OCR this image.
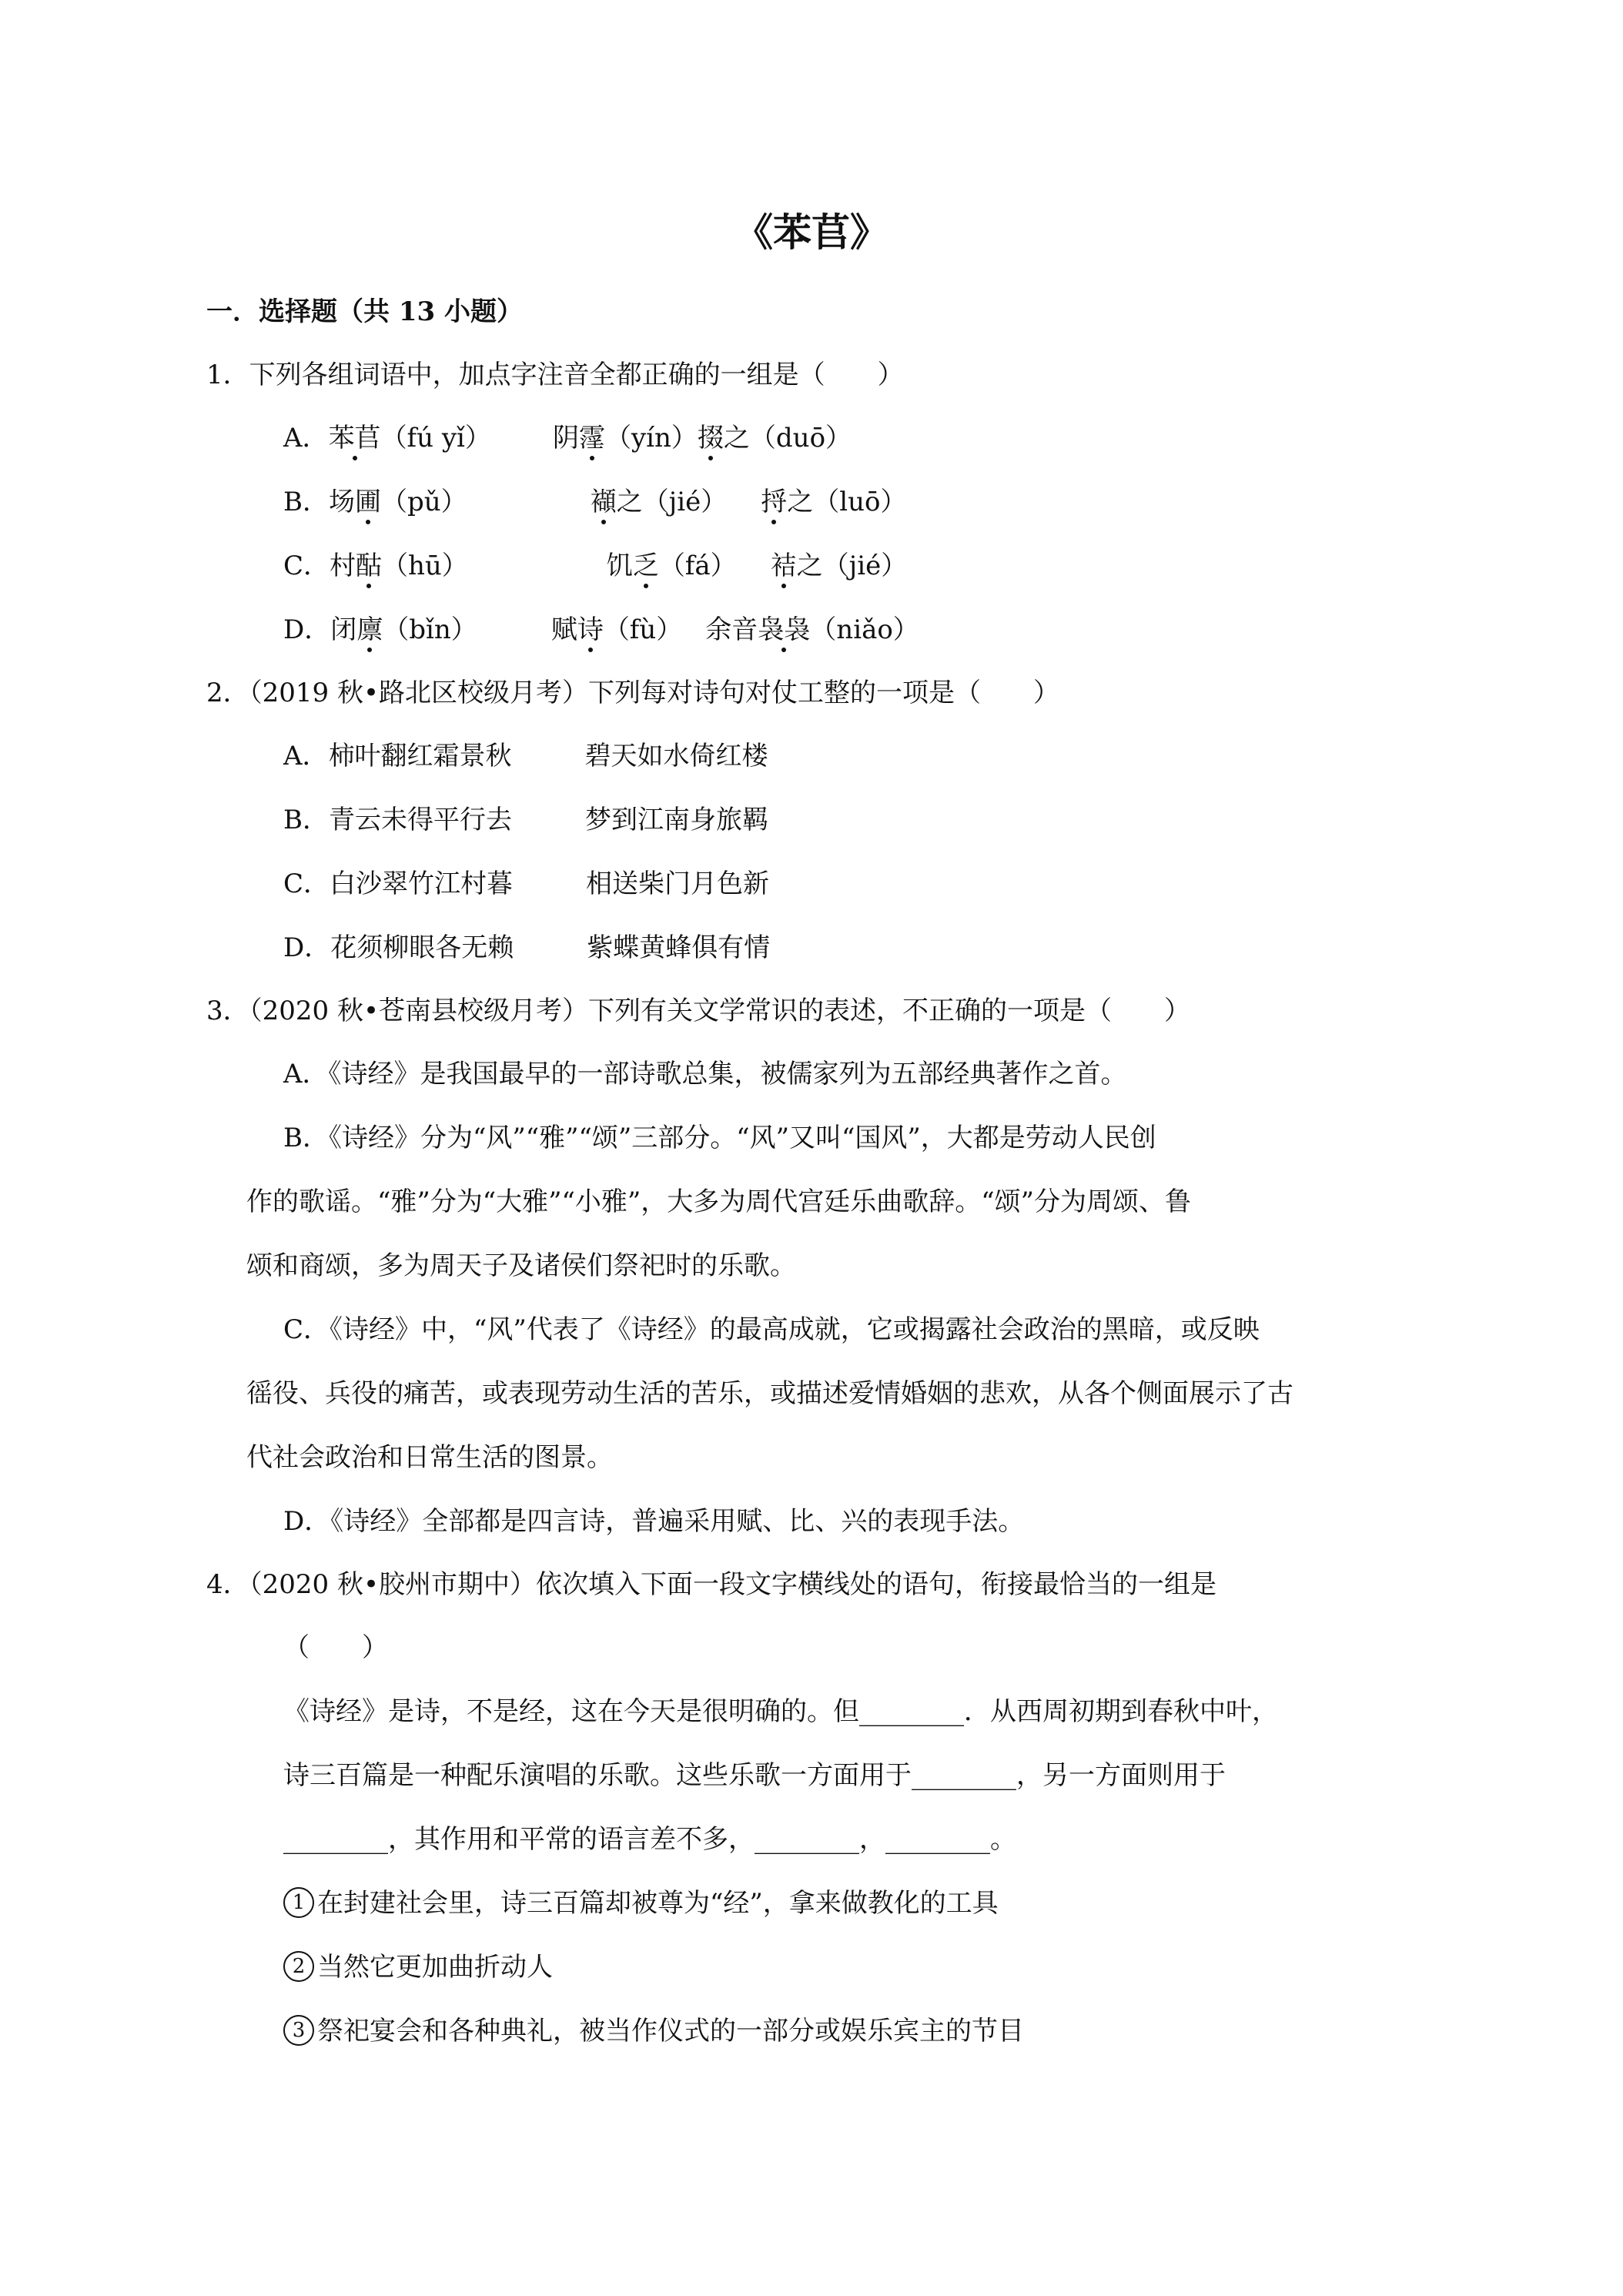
《苯苢》
一．选择题（共 13 小题）
1．下列各组词语中，加点字注音全都正确的一组是（　　）
A．苯苢（fú yǐ） 阴霪（yín）掇之（duō）
B．场圃（pǔ）	襭之（jié） 捋之（luō）
C．村酤（hū）	饥乏（fá） 袺之（jié）
D．闭廪（bǐn）	赋诗（fù） 余音袅袅（niǎo）
2．（2019 秋•路北区校级月考）下列每对诗句对仗工整的一项是（　　）
A．柿叶翻红霜景秋	碧天如水倚红楼
B．青云未得平行去	梦到江南身旅羁
C．白沙翠竹江村暮	相送柴门月色新
D．花须柳眼各无赖	紫蝶黄蜂俱有情
3．（2020 秋•苍南县校级月考）下列有关文学常识的表述，不正确的一项是（　　）
A．《诗经》是我国最早的一部诗歌总集，被儒家列为五部经典著作之首。
B．《诗经》分为“风”“雅”“颂”三部分。“风”又叫“国风”，大都是劳动人民创
作的歌谣。“雅”分为“大雅”“小雅”，大多为周代宫廷乐曲歌辞。“颂”分为周颂、鲁
颂和商颂，多为周天子及诸侯们祭祀时的乐歌。
C．《诗经》中，“风”代表了《诗经》的最高成就，它或揭露社会政治的黑暗，或反映
徭役、兵役的痛苦，或表现劳动生活的苦乐，或描述爱情婚姻的悲欢，从各个侧面展示了古
代社会政治和日常生活的图景。
D．《诗经》全部都是四言诗，普遍采用赋、比、兴的表现手法。
4．（2020 秋•胶州市期中）依次填入下面一段文字横线处的语句，衔接最恰当的一组是
（　　）
《诗经》是诗，不是经，这在今天是很明确的。但________．从西周初期到春秋中叶，
诗三百篇是一种配乐演唱的乐歌。这些乐歌一方面用于________，另一方面则用于
________，其作用和平常的语言差不多，________，________。
1 在封建社会里，诗三百篇却被尊为“经”，拿来做教化的工具
2 当然它更加曲折动人
3 祭祀宴会和各种典礼，被当作仪式的一部分或娱乐宾主的节目
